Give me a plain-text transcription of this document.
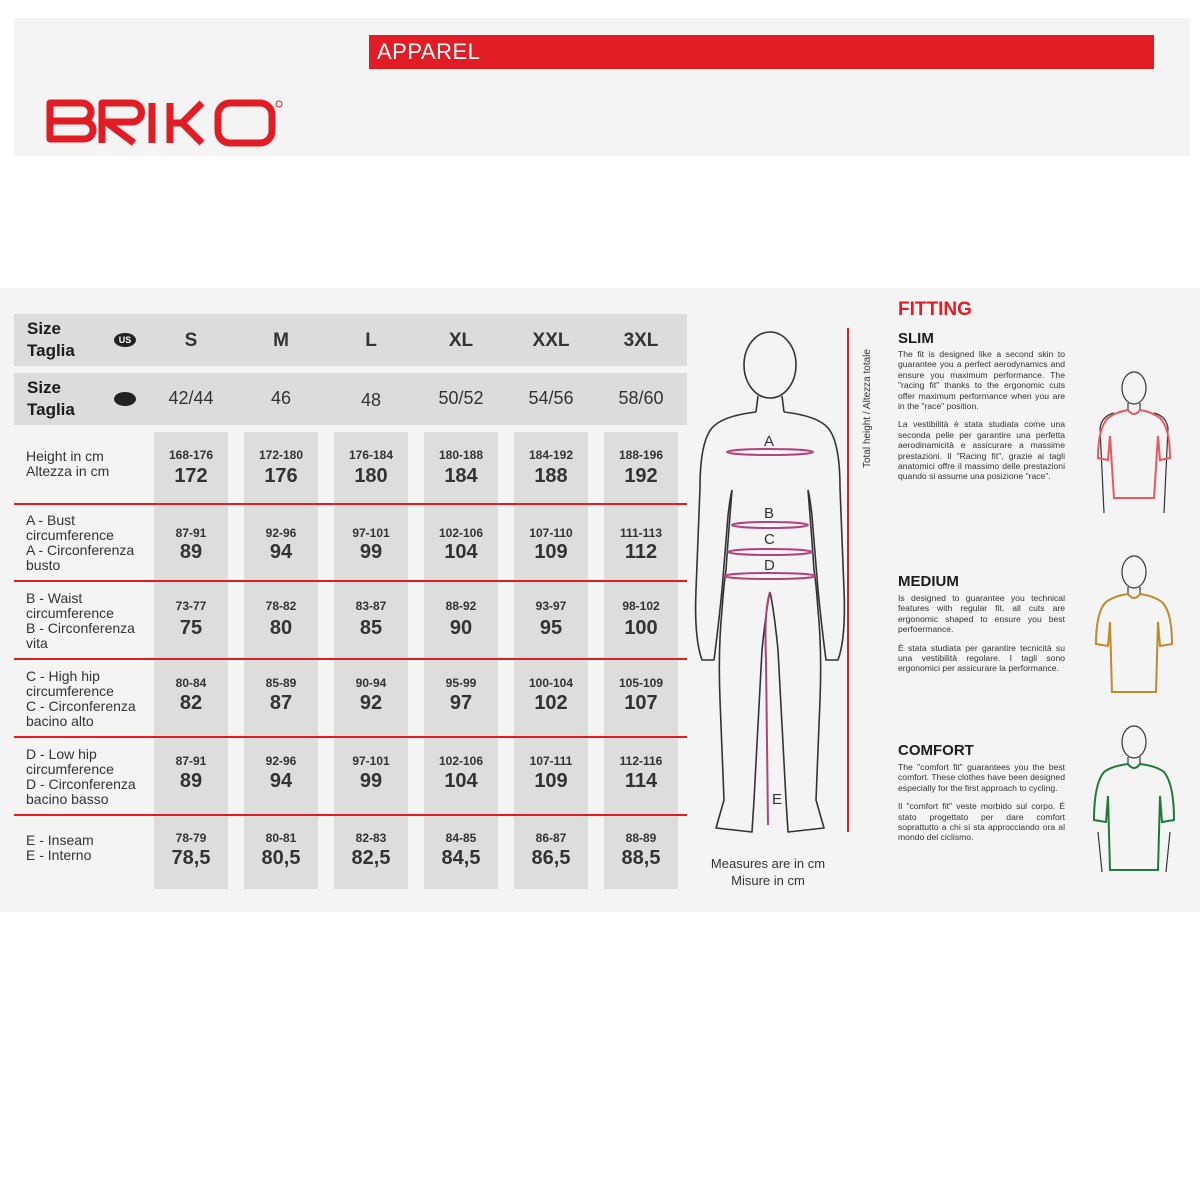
APPAREL
Size
Taglia
US
Size
Taglia
S	M	L	XL	XXL	3XL
42/44	46	48	50/52	54/56	58/60
Height in cm
Altezza in cm
168-176	172-180	176-184	180-188	184-192	188-196
172	176	180	184	188	192
A - Bust circumference
A - Circonferenza busto
87-91	92-96	97-101	102-106	107-110	111-113
89	94	99	104	109	112
B - Waist circumference
B - Circonferenza vita
73-77	78-82	83-87	88-92	93-97	98-102
75	80	85	90	95	100
C - High hip circumference
C - Circonferenza bacino alto
80-84	85-89	90-94	95-99	100-104	105-109
82	87	92	97	102	107
D - Low hip circumference
D - Circonferenza bacino basso
87-91	92-96	97-101	102-106	107-111	112-116
89	94	99	104	109	114
E - Inseam
E - Interno
78-79	80-81	82-83	84-85	86-87	88-89
78,5	80,5	82,5	84,5	86,5	88,5
A
B
C
D
E
Total height / Altezza totale
Measures are in cm
Misure in cm
FITTING
SLIM

The fit is designed like a second skin to guarantee you a perfect aerodynamics and ensure you maximum performance. The "racing fit" thanks to the ergonomic cuts offer maximum performance when you are in the "race" position.

La vestibilità è stata studiata come una seconda pelle per garantire una perfetta aerodinamicità e assicurare a massime prestazioni. Il "Racing fit", grazie ai tagli anatomici offre il massimo delle prestazioni quando si assume una posizione "race".

MEDIUM

Is designed to guarantee you technical features with regular fit, all cuts are ergonomic shaped to ensure you best perfoermance.

È stata studiata per garantire tecnicità su una vestibilità regolare. I tagli sono ergonomici per assicurare la performance.

COMFORT

The "comfort fit" guarantees you the best comfort. These clothes have been designed especially for the first approach to cycling.

Il "comfort fit" veste morbido sul corpo. È stato progettato per dare comfort soprattutto a chi si sta approcciando ora al mondo del ciclismo.
